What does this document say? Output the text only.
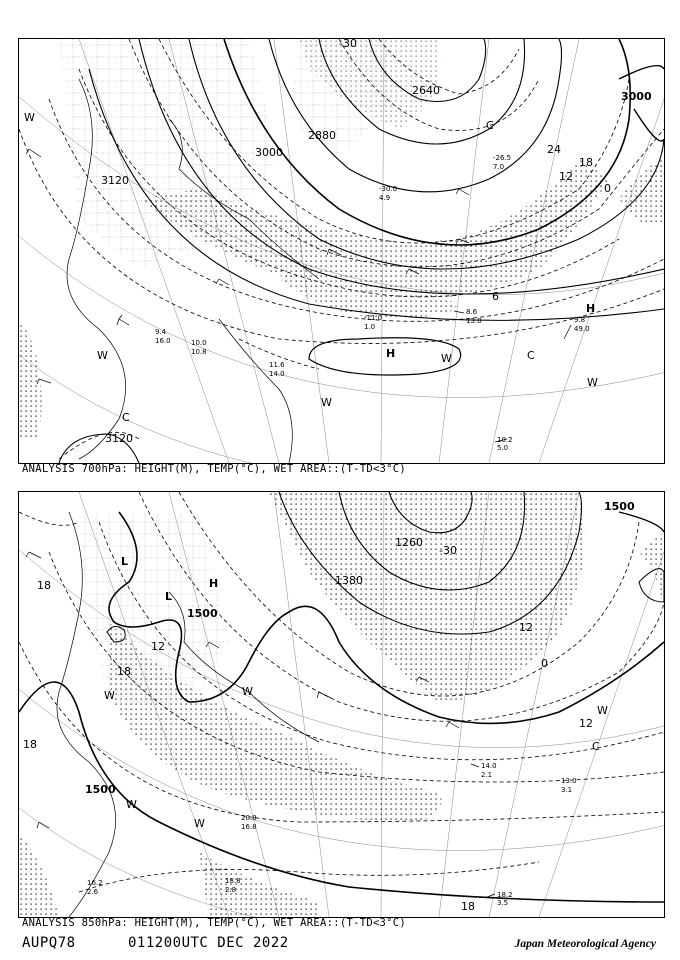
2640
2880
3000
3000
3120
3120
-30
24
18
12
0
6
H
H
C
C
C
W
W
W
W
W
8.6
13.0	9.8
49.0
10.2
5.0
10.0
10.8
9.4
16.0
11.6
14.0
-11.0
1.0
-26.5
7.0
-30.0
4.9
ANALYSIS 700hPa: HEIGHT(M), TEMP(°C), WET AREA::(T-TD<3°C)
1500
1500
1500
1380
1260
18
18
18
12
12
12
0
-30
18
L
L
H
C
W
W
W
W
W
14.0
2.1
13.0
3.1
18.2
3.5
16.2
2.6
20.8
16.8
18.8
2.8
ANALYSIS 850hPa: HEIGHT(M), TEMP(°C), WET AREA::(T-TD<3°C)
AUPQ78	011200UTC DEC 2022	Japan Meteorological Agency
